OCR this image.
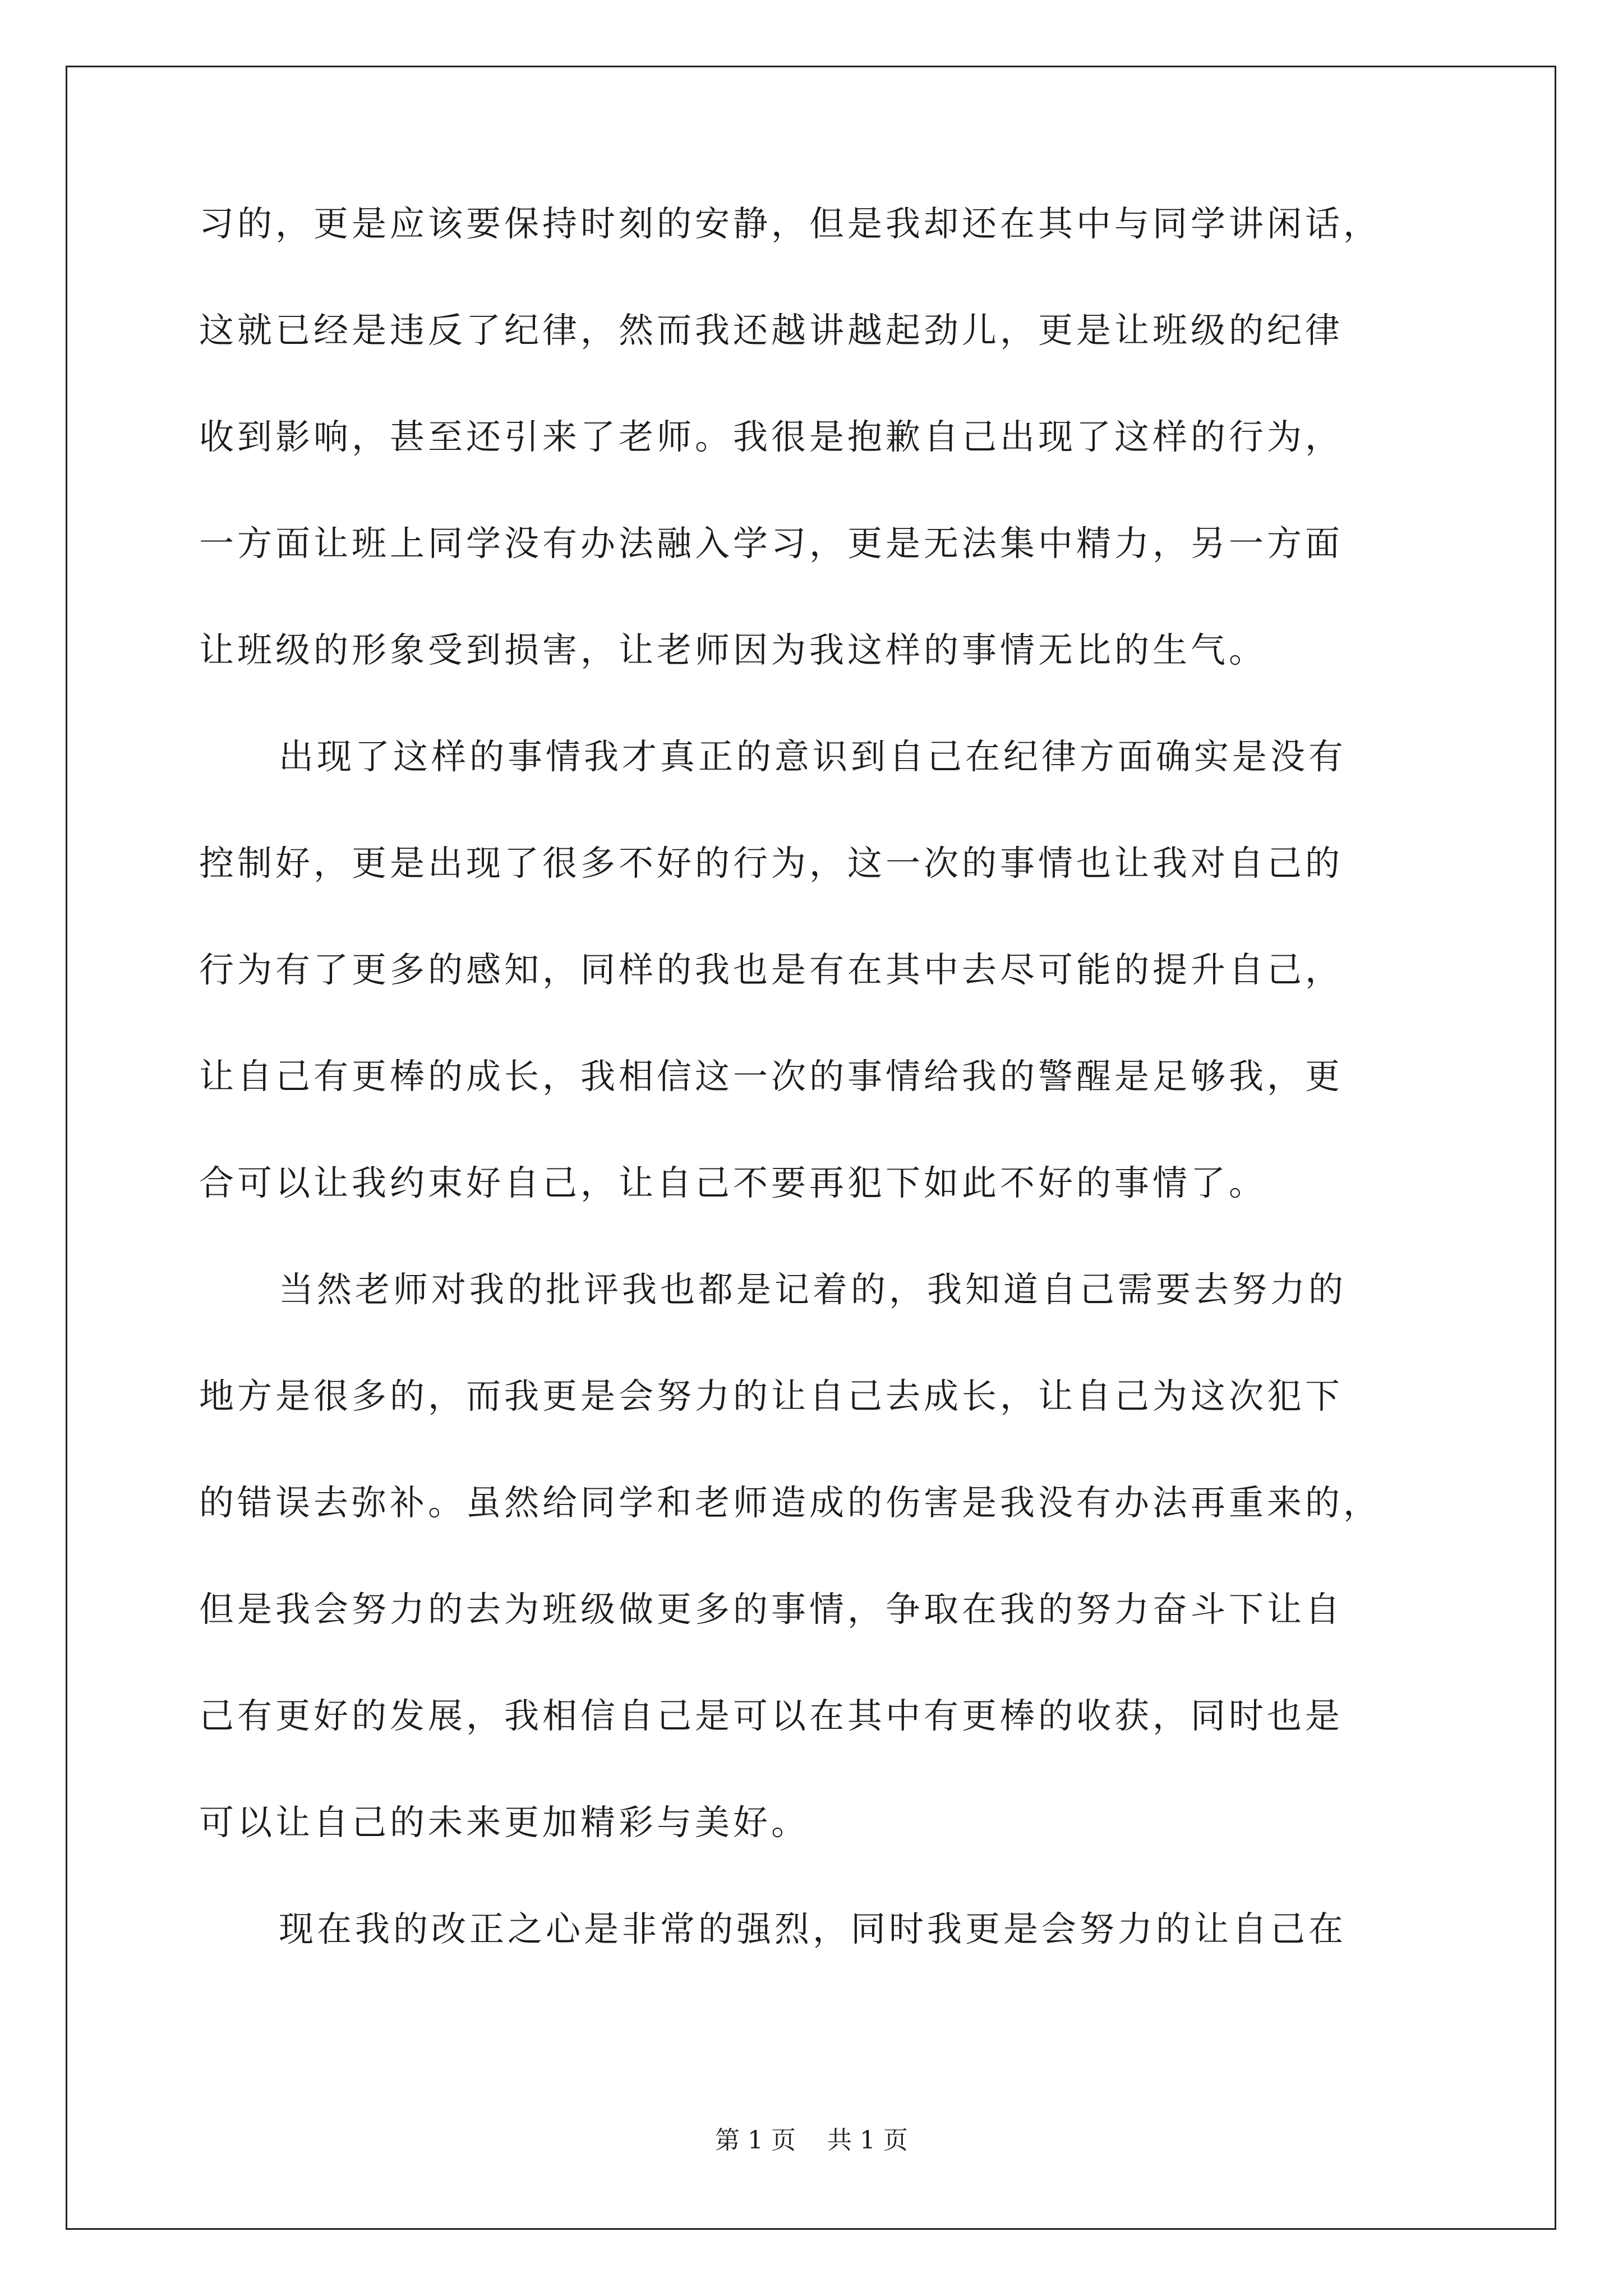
习的，更是应该要保持时刻的安静，但是我却还在其中与同学讲闲话，
这就已经是违反了纪律，然而我还越讲越起劲儿，更是让班级的纪律
收到影响，甚至还引来了老师。我很是抱歉自己出现了这样的行为，
一方面让班上同学没有办法融入学习，更是无法集中精力，另一方面
让班级的形象受到损害，让老师因为我这样的事情无比的生气。
出现了这样的事情我才真正的意识到自己在纪律方面确实是没有
控制好，更是出现了很多不好的行为，这一次的事情也让我对自己的
行为有了更多的感知，同样的我也是有在其中去尽可能的提升自己，
让自己有更棒的成长，我相信这一次的事情给我的警醒是足够我，更
合可以让我约束好自己，让自己不要再犯下如此不好的事情了。
当然老师对我的批评我也都是记着的，我知道自己需要去努力的
地方是很多的，而我更是会努力的让自己去成长，让自己为这次犯下
的错误去弥补。虽然给同学和老师造成的伤害是我没有办法再重来的，
但是我会努力的去为班级做更多的事情，争取在我的努力奋斗下让自
己有更好的发展，我相信自己是可以在其中有更棒的收获，同时也是
可以让自己的未来更加精彩与美好。
现在我的改正之心是非常的强烈，同时我更是会努力的让自己在
第 1 页    共 1 页
